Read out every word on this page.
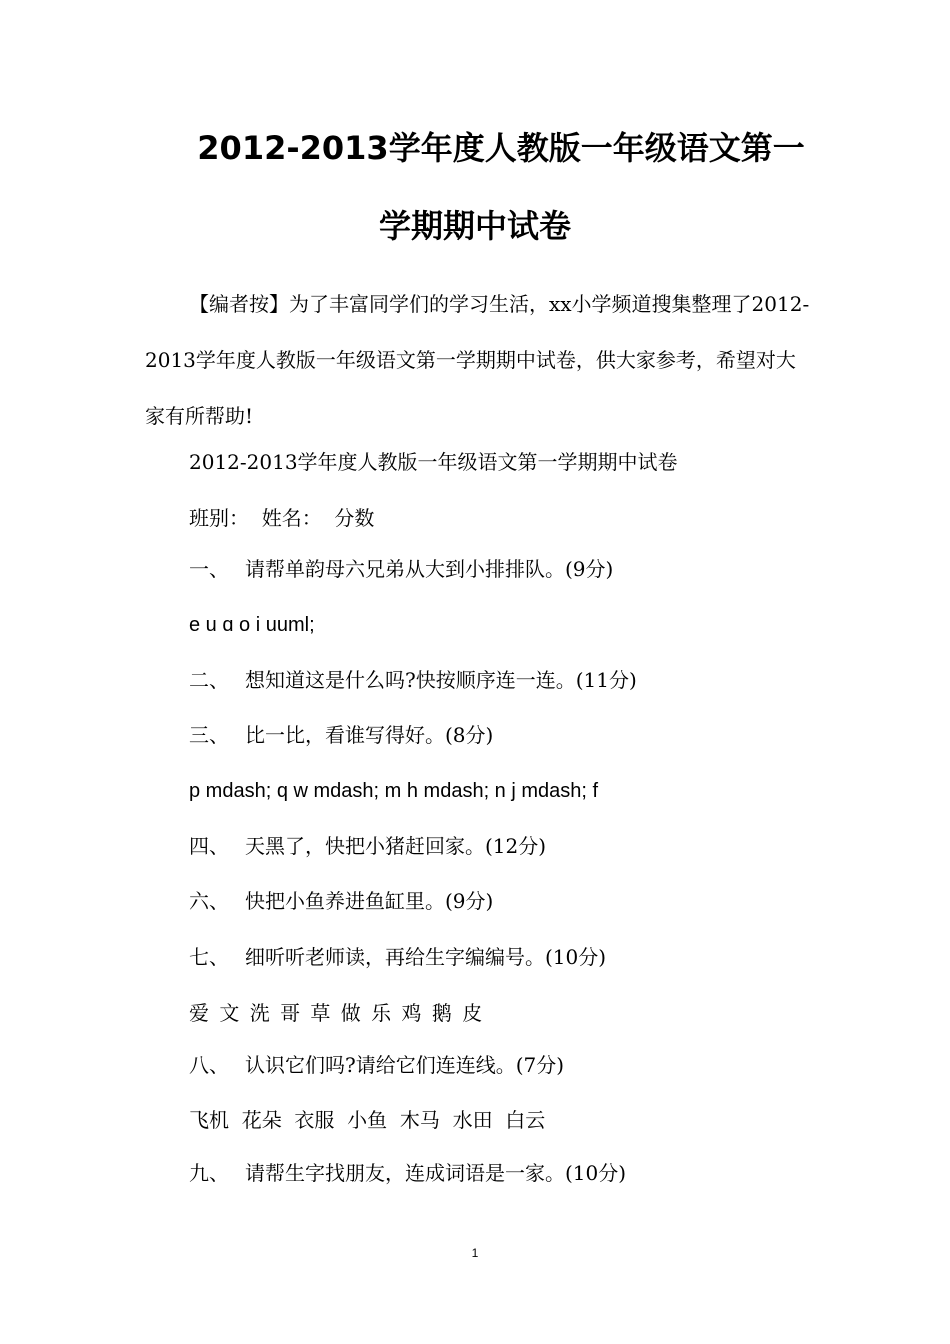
2012-2013学年度人教版一年级语文第一
学期期中试卷

【编者按】为了丰富同学们的学习生活，xx小学频道搜集整理了2012-2013学年度人教版一年级语文第一学期期中试卷，供大家参考，希望对大家有所帮助!

2012-2013学年度人教版一年级语文第一学期期中试卷

班别：  姓名：  分数

一、 请帮单韵母六兄弟从大到小排排队。(9分)

e u ɑ o i uuml;

二、 想知道这是什么吗?快按顺序连一连。(11分)

三、 比一比，看谁写得好。(8分)

p mdash; q w mdash; m h mdash; n j mdash; f

四、 天黑了，快把小猪赶回家。(12分)

六、 快把小鱼养进鱼缸里。(9分)

七、 细听听老师读，再给生字编编号。(10分)

爱 文 洗 哥 草 做 乐 鸡 鹅 皮

八、 认识它们吗?请给它们连连线。(7分)

飞机  花朵  衣服  小鱼  木马  水田  白云

九、 请帮生字找朋友，连成词语是一家。(10分)

1
